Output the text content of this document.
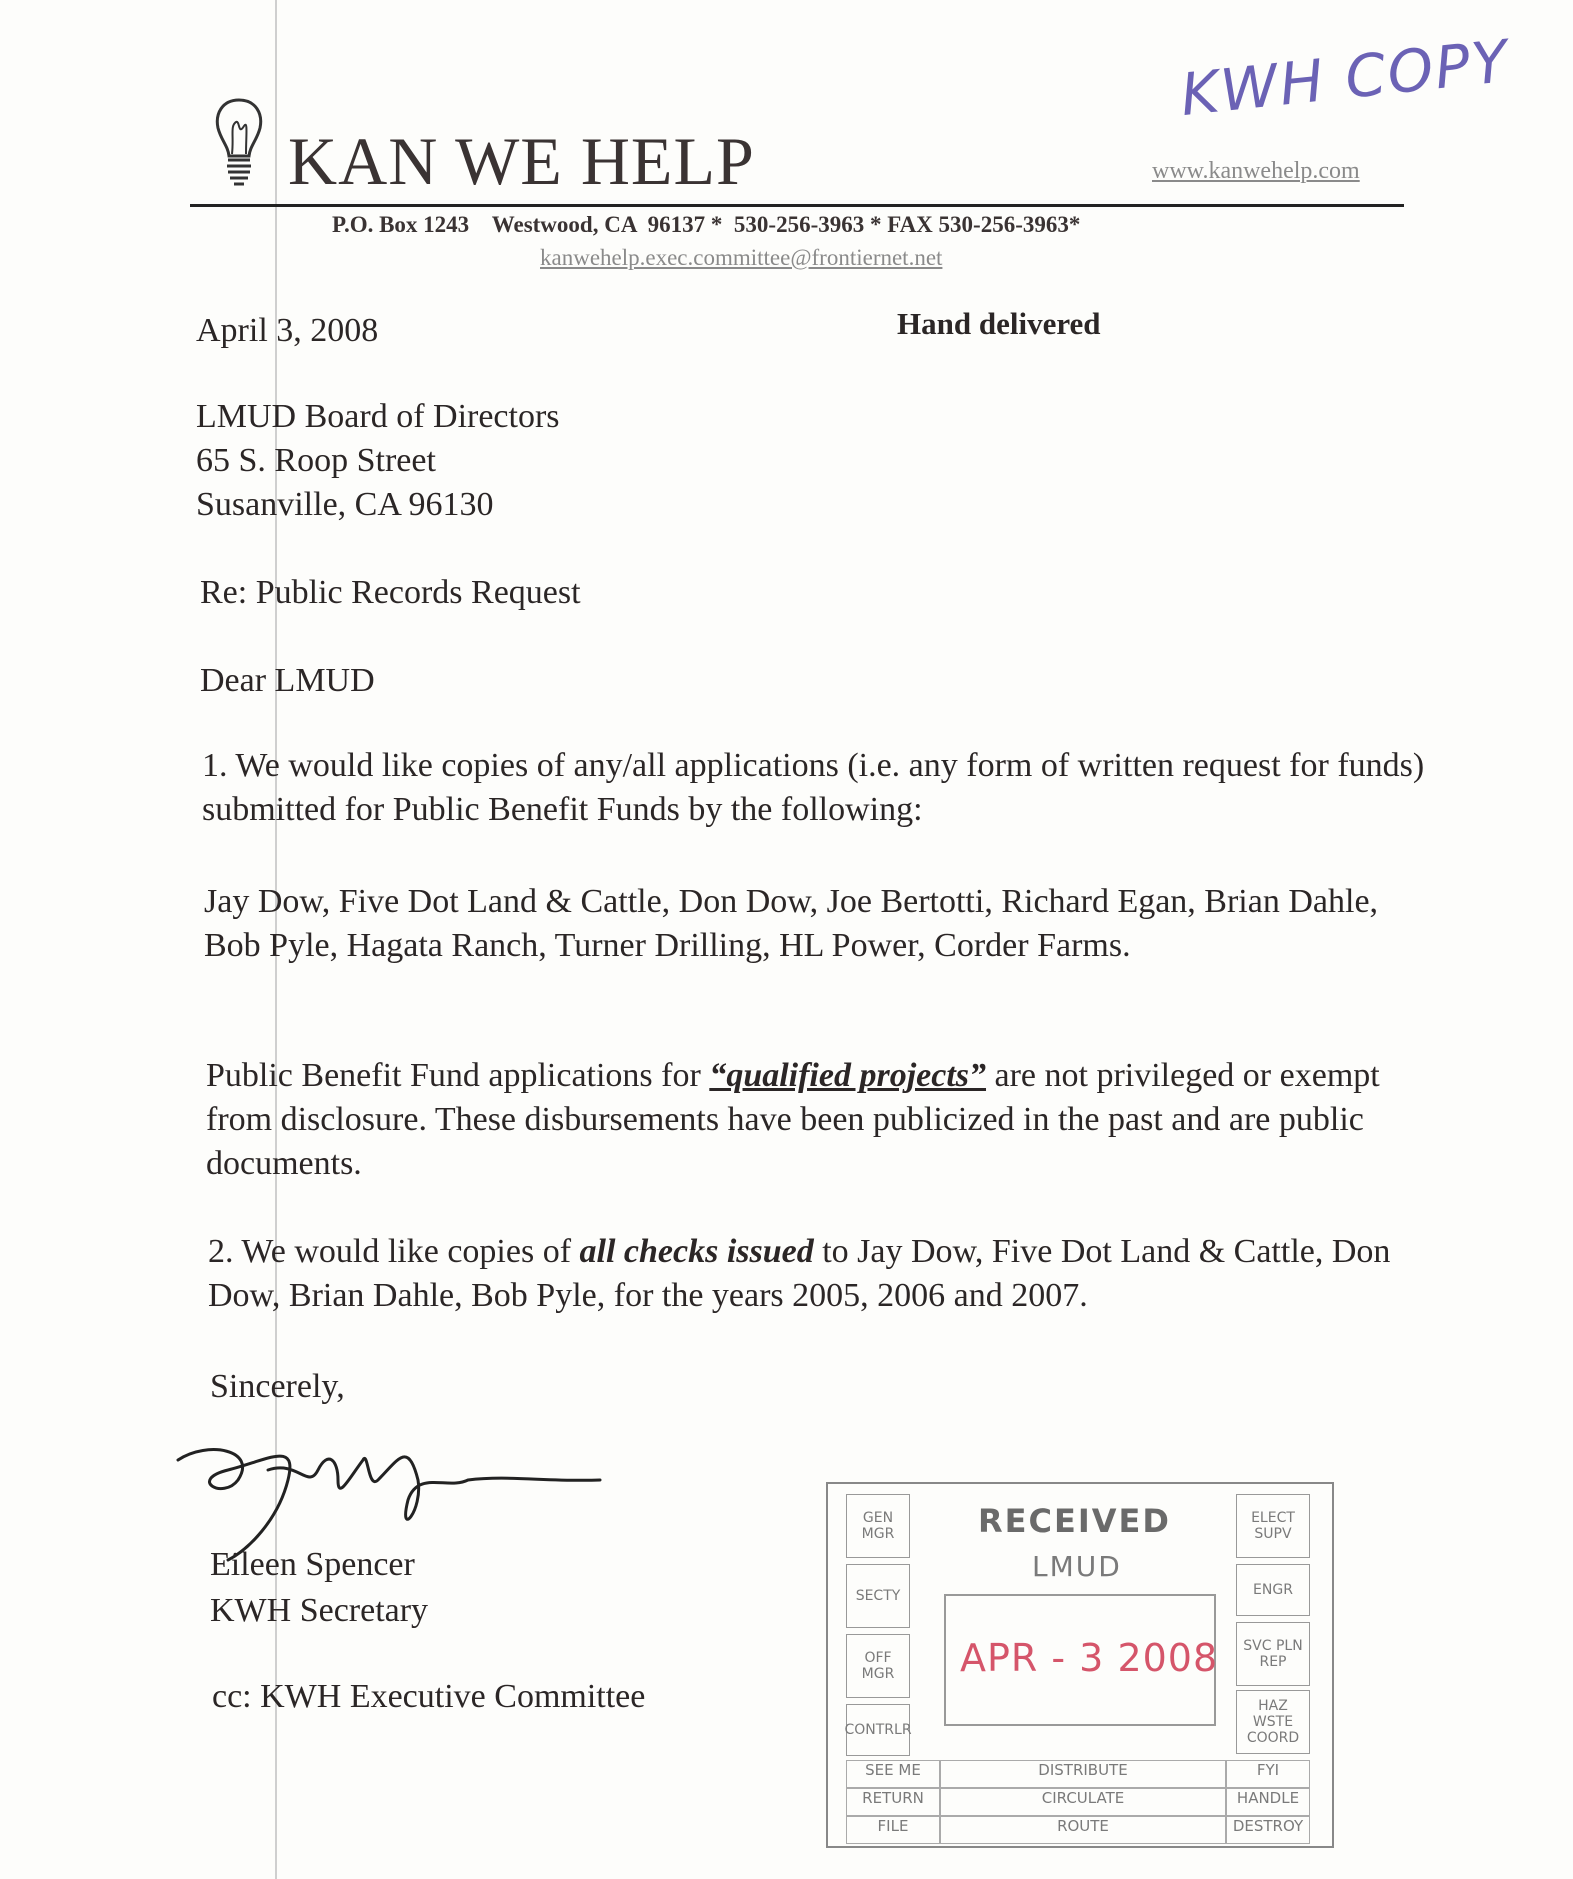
KWH COPY
KAN WE HELP	www.kanwehelp.com
P.O. Box 1243    Westwood, CA  96137 *  530-256-3963 * FAX 530-256-3963*
kanwehelp.exec.committee@frontiernet.net
April 3, 2008	Hand delivered
LMUD Board of Directors
65 S. Roop Street
Susanville, CA 96130
Re: Public Records Request
Dear LMUD
1. We would like copies of any/all applications (i.e. any form of written request for funds) submitted for Public Benefit Funds by the following:
Jay Dow, Five Dot Land & Cattle, Don Dow, Joe Bertotti, Richard Egan, Brian Dahle, Bob Pyle, Hagata Ranch, Turner Drilling, HL Power, Corder Farms.
Public Benefit Fund applications for “qualified projects” are not privileged or exempt from disclosure. These disbursements have been publicized in the past and are public documents.
2. We would like copies of all checks issued to Jay Dow, Five Dot Land & Cattle, Don Dow, Brian Dahle, Bob Pyle, for the years 2005, 2006 and 2007.
Sincerely,
Eileen Spencer
KWH Secretary
cc: KWH Executive Committee
GEN MGR
SECTY
OFF MGR
CONTRLR
ELECT SUPV
ENGR
SVC PLN REP
HAZ WSTE COORD
RECEIVED
LMUD
APR - 3 2008
SEE ME
RETURN
FILE
DISTRIBUTE
CIRCULATE
ROUTE
FYI
HANDLE
DESTROY
